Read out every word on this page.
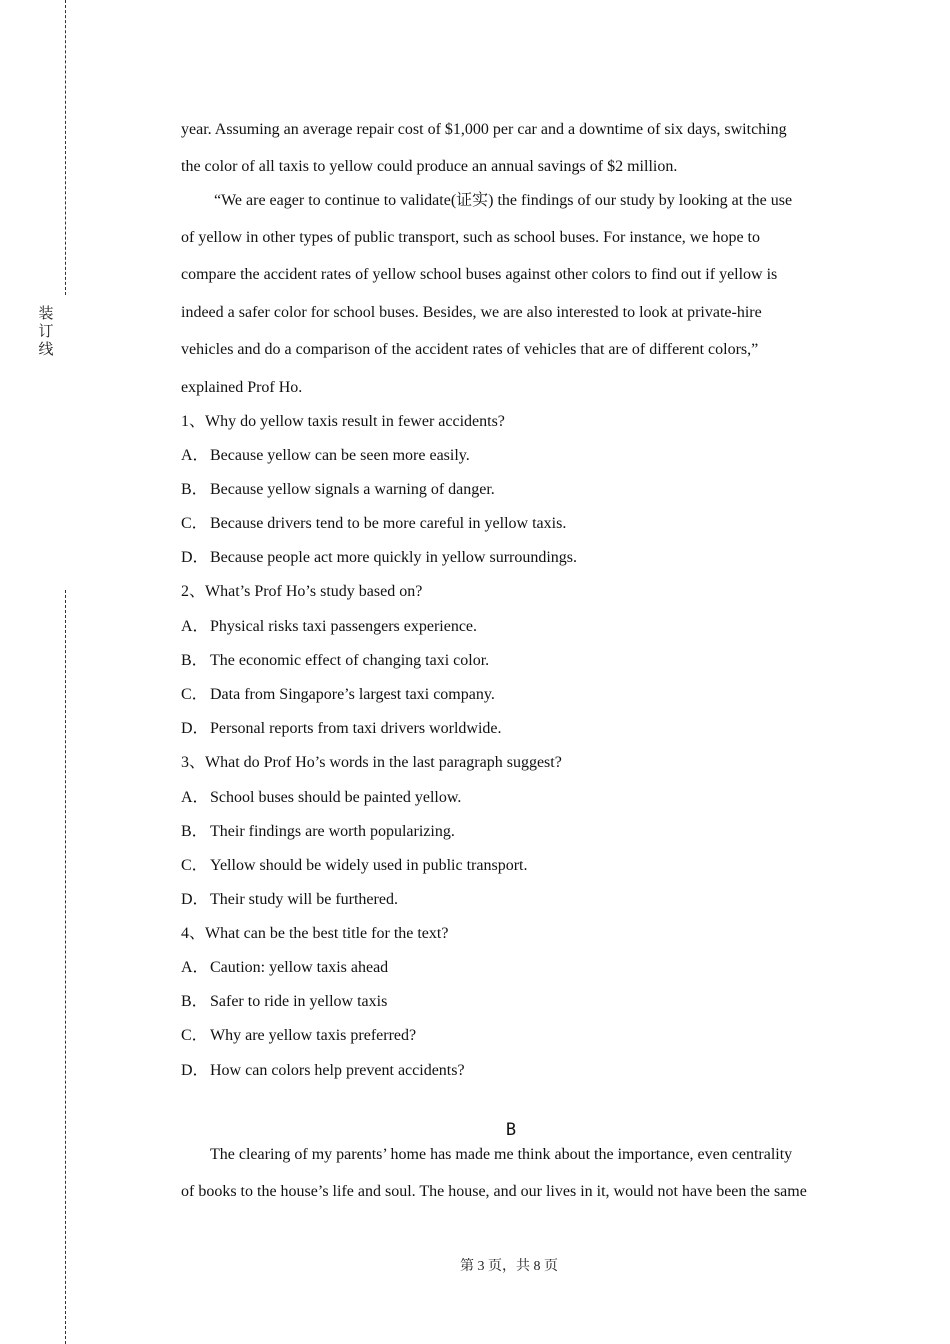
装
订
线
year. Assuming an average repair cost of $1,000 per car and a downtime of six days, switching
the color of all taxis to yellow could produce an annual savings of $2 million.
“We are eager to continue to validate(证实) the findings of our study by looking at the use
of yellow in other types of public transport, such as school buses. For instance, we hope to
compare the accident rates of yellow school buses against other colors to find out if yellow is
indeed a safer color for school buses. Besides, we are also interested to look at private-hire
vehicles and do a comparison of the accident rates of vehicles that are of different colors,”
explained Prof Ho.
1、Why do yellow taxis result in fewer accidents?
A．Because yellow can be seen more easily.
B． Because yellow signals a warning of danger.
C． Because drivers tend to be more careful in yellow taxis.
D．Because people act more quickly in yellow surroundings.
2、What’s Prof Ho’s study based on?
A．Physical risks taxi passengers experience.
B． The economic effect of changing taxi color.
C． Data from Singapore’s largest taxi company.
D．Personal reports from taxi drivers worldwide.
3、What do Prof Ho’s words in the last paragraph suggest?
A．School buses should be painted yellow.
B． Their findings are worth popularizing.
C． Yellow should be widely used in public transport.
D．Their study will be furthered.
4、What can be the best title for the text?
A．Caution: yellow taxis ahead
B． Safer to ride in yellow taxis
C． Why are yellow taxis preferred?
D．How can colors help prevent accidents?
B
The clearing of my parents’ home has made me think about the importance, even centrality
of books to the house’s life and soul. The house, and our lives in it, would not have been the same
第 3 页，共 8 页
